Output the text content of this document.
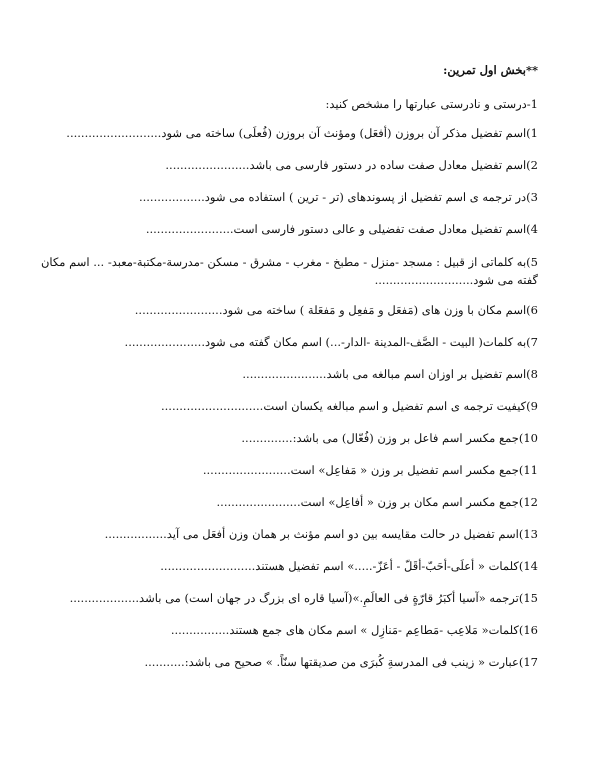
**بخش اول تمرین:
1-درستی و نادرستی عبارتها را مشخص کنید:
1)اسم تفضیل مذکر آن بروزن (أفعَل) ومؤنث آن بروزن (فُعلَی) ساخته می شود..........................
2)اسم تفضیل معادل صفت ساده در دستور فارسی می باشد.......................
3)در ترجمه ی اسم تفضیل از پسوندهای (تر - ترین ) استفاده می شود..................
4)اسم تفضیل معادل صفت تفضیلی و عالی دستور فارسی است........................
5)به کلماتی از قبیل : مسجد -منزل - مطبخ - مغرب - مشرق - مسکن -مدرسة-مکتبة-معبد- ... اسم مکان گفته می شود...........................
6)اسم مکان با وزن های (مَفعَل و مَفعِل و مَفعَلة ) ساخته می شود........................
7)به کلمات( البیت - الصَّف-المدینة -الدار-...) اسم مکان گفته می شود......................
8)اسم تفضیل بر اوزان اسم مبالغه می باشد.......................
9)کیفیت ترجمه ی اسم تفضیل و اسم مبالغه یکسان است............................
10)جمع مکسر اسم فاعل بر وزن (فُعّال) می باشد:..............
11)جمع مکسر اسم تفضیل بر وزن « مَفاعِل» است........................
12)جمع مکسر اسم مکان بر وزن « أفاعِل» است.......................
13)اسم تفضیل در حالت مقایسه بین دو اسم مؤنث بر همان وزن أفعَل می آید.................
14)کلمات « أعلَی-أحَبّ-أقَلّ - أعَزّ-.....» اسم تفضیل هستند..........................
15)ترجمه «آسیا أکبَرُ قارّةٍ فی العالَمِ.»(آسیا قاره ای بزرگ در جهان است) می باشد...................
16)کلمات« مَلاعِب -مَطاعِم -مَنازِل » اسم مکان های جمع هستند................
17)عبارت « زینب فی المدرسةِ کُبرَی من صدیقتها سنّاً. » صحیح می باشد:...........
